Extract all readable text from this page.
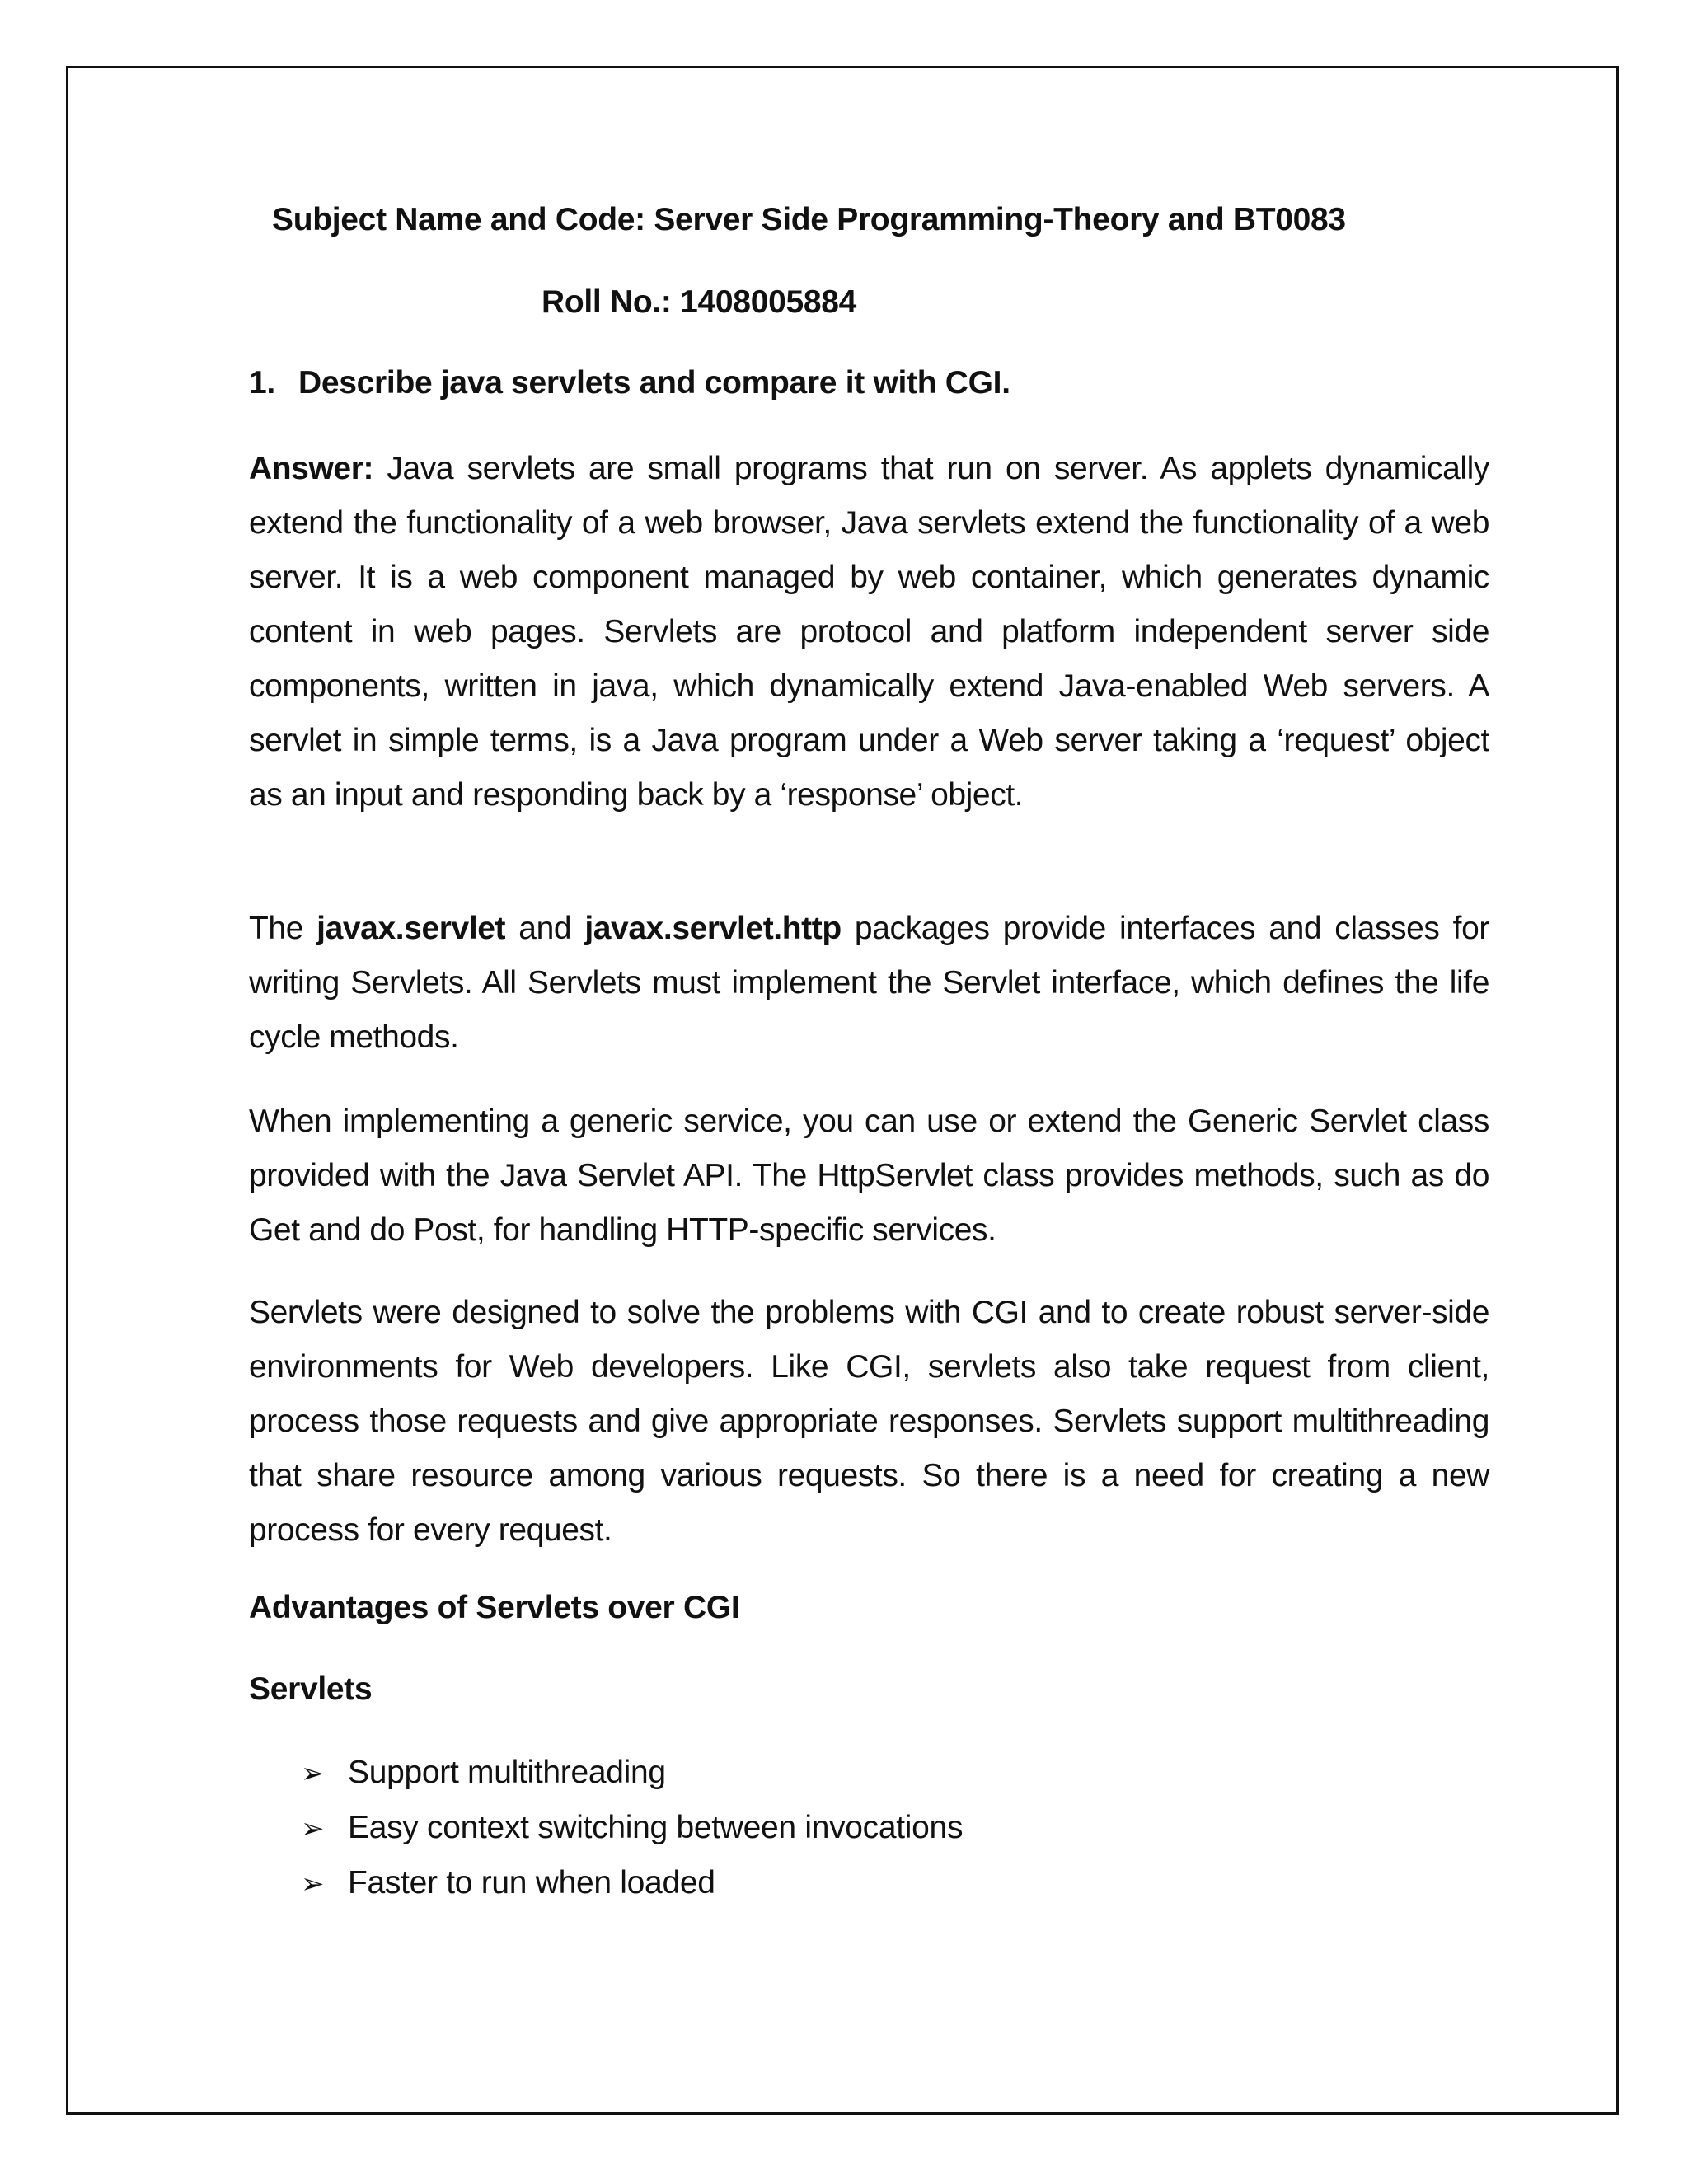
Subject Name and Code: Server Side Programming-Theory and BT0083
Roll No.: 1408005884
1. Describe java servlets and compare it with CGI.
Answer: Java servlets are small programs that run on server. As applets dynamically extend the functionality of a web browser, Java servlets extend the functionality of a web server. It is a web component managed by web container, which generates dynamic content in web pages. Servlets are protocol and platform independent server side components, written in java, which dynamically extend Java-enabled Web servers. A servlet in simple terms, is a Java program under a Web server taking a ‘request’ object as an input and responding back by a ‘response’ object.
The javax.servlet and javax.servlet.http packages provide interfaces and classes for writing Servlets. All Servlets must implement the Servlet interface, which defines the life cycle methods.
When implementing a generic service, you can use or extend the Generic Servlet class provided with the Java Servlet API. The HttpServlet class provides methods, such as do Get and do Post, for handling HTTP-specific services.
Servlets were designed to solve the problems with CGI and to create robust server-side environments for Web developers. Like CGI, servlets also take request from client, process those requests and give appropriate responses. Servlets support multithreading that share resource among various requests. So there is a need for creating a new process for every request.
Advantages of Servlets over CGI
Servlets
➢ Support multithreading
➢ Easy context switching between invocations
➢ Faster to run when loaded
